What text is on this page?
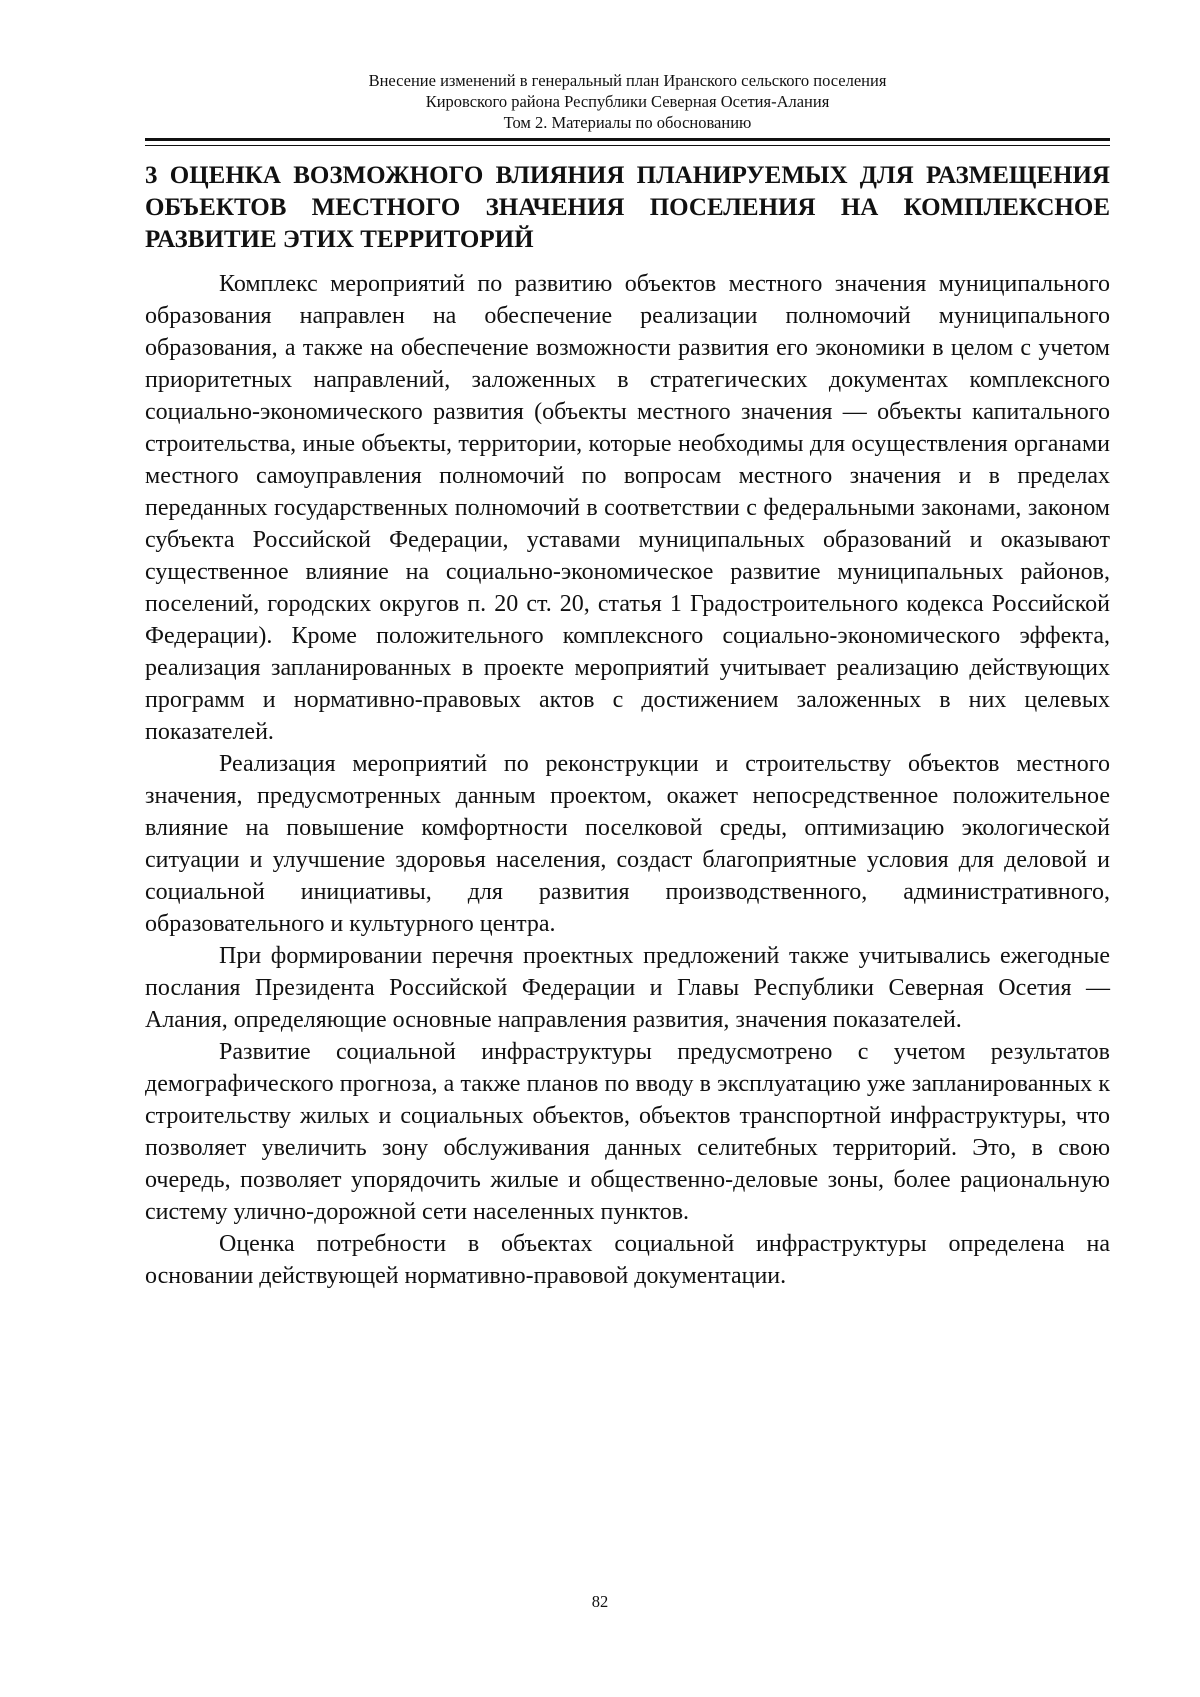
Внесение изменений в генеральный план Иранского сельского поселения
Кировского района Республики Северная Осетия-Алания
Том 2. Материалы по обоснованию
3 ОЦЕНКА ВОЗМОЖНОГО ВЛИЯНИЯ ПЛАНИРУЕМЫХ ДЛЯ РАЗМЕЩЕНИЯ ОБЪЕКТОВ МЕСТНОГО ЗНАЧЕНИЯ ПОСЕЛЕНИЯ НА КОМПЛЕКСНОЕ РАЗВИТИЕ ЭТИХ ТЕРРИТОРИЙ

Комплекс мероприятий по развитию объектов местного значения муниципального образования направлен на обеспечение реализации полномочий муниципального образования, а также на обеспечение возможности развития его экономики в целом с учетом приоритетных направлений, заложенных в стратегических документах комплексного социально-экономического развития (объекты местного значения — объекты капитального строительства, иные объекты, территории, которые необходимы для осуществления органами местного самоуправления полномочий по вопросам местного значения и в пределах переданных государственных полномочий в соответствии с федеральными законами, законом субъекта Российской Федерации, уставами муниципальных образований и оказывают существенное влияние на социально-экономическое развитие муниципальных районов, поселений, городских округов п. 20 ст. 20, статья 1 Градостроительного кодекса Российской Федерации). Кроме положительного комплексного социально-экономического эффекта, реализация запланированных в проекте мероприятий учитывает реализацию действующих программ и нормативно-правовых актов с достижением заложенных в них целевых показателей.

Реализация мероприятий по реконструкции и строительству объектов местного значения, предусмотренных данным проектом, окажет непосредственное положительное влияние на повышение комфортности поселковой среды, оптимизацию экологической ситуации и улучшение здоровья населения, создаст благоприятные условия для деловой и социальной инициативы, для развития производственного, административного, образовательного и культурного центра.

При формировании перечня проектных предложений также учитывались ежегодные послания Президента Российской Федерации и Главы Республики Северная Осетия — Алания, определяющие основные направления развития, значения показателей.

Развитие социальной инфраструктуры предусмотрено с учетом результатов демографического прогноза, а также планов по вводу в эксплуатацию уже запланированных к строительству жилых и социальных объектов, объектов транспортной инфраструктуры, что позволяет увеличить зону обслуживания данных селитебных территорий. Это, в свою очередь, позволяет упорядочить жилые и общественно-деловые зоны, более рациональную систему улично-дорожной сети населенных пунктов.

Оценка потребности в объектах социальной инфраструктуры определена на основании действующей нормативно-правовой документации.

82
